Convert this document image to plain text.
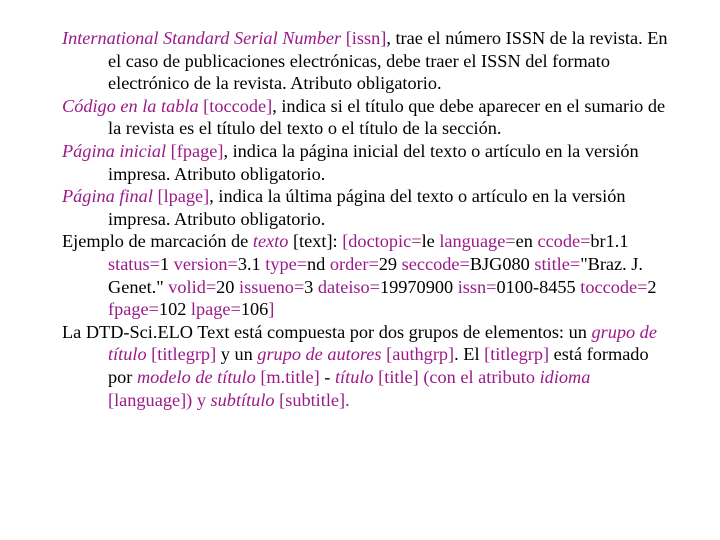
International Standard Serial Number [issn], trae el número ISSN de la revista. En el caso de publicaciones electrónicas, debe traer el ISSN del formato electrónico de la revista. Atributo obligatorio.

Código en la tabla [toccode], indica si el título que debe aparecer en el sumario de la revista es el título del texto o el título de la sección.

Página inicial [fpage], indica la página inicial del texto o artículo en la versión impresa. Atributo obligatorio.

Página final [lpage], indica la última página del texto o artículo en la versión impresa. Atributo obligatorio.

Ejemplo de marcación de texto [text]: [doctopic=le language=en ccode=br1.1 status=1 version=3.1 type=nd order=29 seccode=BJG080 stitle="Braz. J. Genet." volid=20 issueno=3 dateiso=19970900 issn=0100-8455 toccode=2 fpage=102 lpage=106]

La DTD-Sci.ELO Text está compuesta por dos grupos de elementos: un grupo de título [titlegrp] y un grupo de autores [authgrp]. El [titlegrp] está formado por modelo de título [m.title] - título [title] (con el atributo idioma [language]) y subtítulo [subtitle].
